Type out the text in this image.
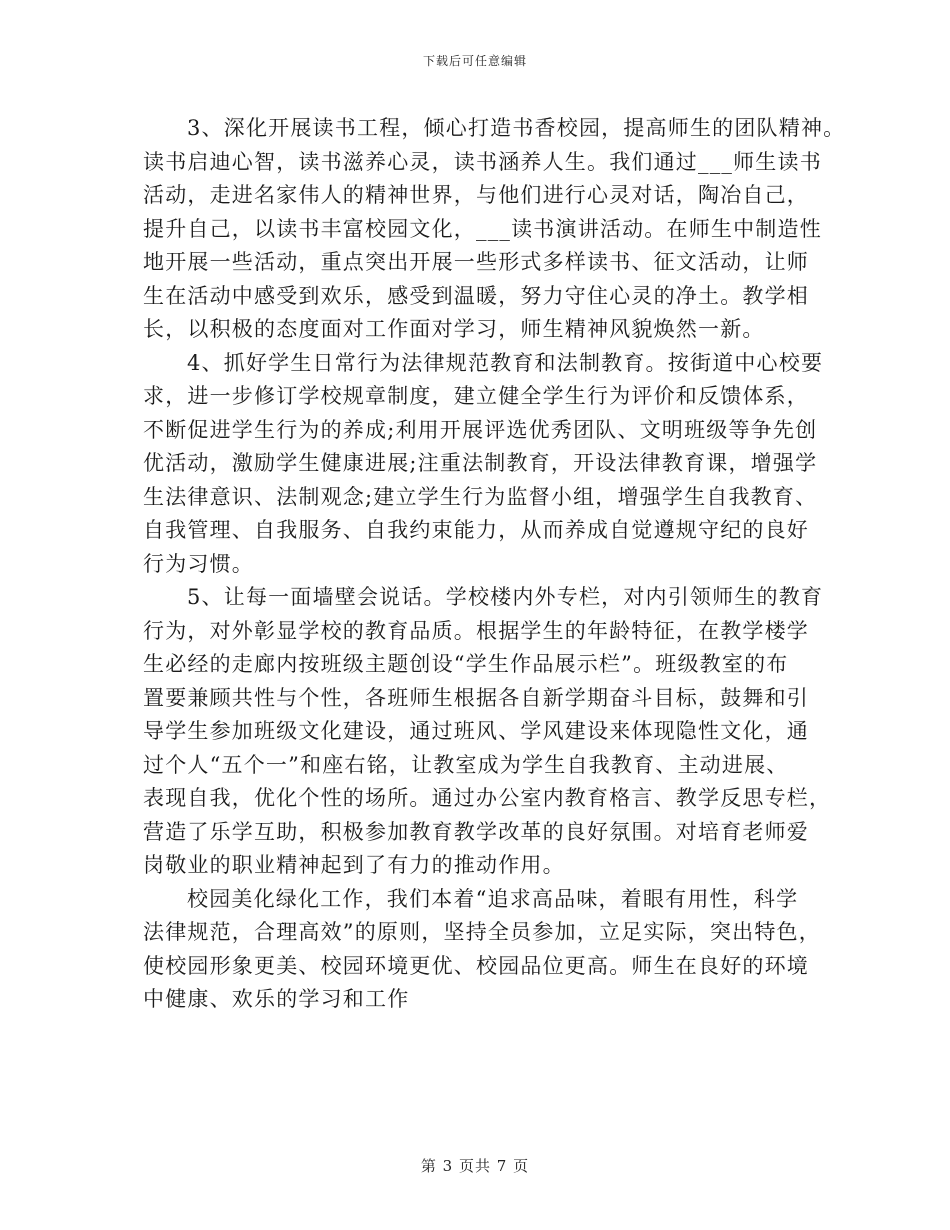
下载后可任意编辑
3、深化开展读书工程，倾心打造书香校园，提高师生的团队精神。
读书启迪心智，读书滋养心灵，读书涵养人生。我们通过___师生读书
活动，走进名家伟人的精神世界，与他们进行心灵对话，陶冶自己，
提升自己，以读书丰富校园文化，___读书演讲活动。在师生中制造性
地开展一些活动，重点突出开展一些形式多样读书、征文活动，让师
生在活动中感受到欢乐，感受到温暖，努力守住心灵的净土。教学相
长，以积极的态度面对工作面对学习，师生精神风貌焕然一新。
4、抓好学生日常行为法律规范教育和法制教育。按街道中心校要
求，进一步修订学校规章制度，建立健全学生行为评价和反馈体系，
不断促进学生行为的养成;利用开展评选优秀团队、文明班级等争先创
优活动，激励学生健康进展;注重法制教育，开设法律教育课，增强学
生法律意识、法制观念;建立学生行为监督小组，增强学生自我教育、
自我管理、自我服务、自我约束能力，从而养成自觉遵规守纪的良好
行为习惯。
5、让每一面墙壁会说话。学校楼内外专栏，对内引领师生的教育
行为，对外彰显学校的教育品质。根据学生的年龄特征，在教学楼学
生必经的走廊内按班级主题创设“学生作品展示栏”。班级教室的布
置要兼顾共性与个性，各班师生根据各自新学期奋斗目标，鼓舞和引
导学生参加班级文化建设，通过班风、学风建设来体现隐性文化，通
过个人“五个一”和座右铭，让教室成为学生自我教育、主动进展、
表现自我，优化个性的场所。通过办公室内教育格言、教学反思专栏，
营造了乐学互助，积极参加教育教学改革的良好氛围。对培育老师爱
岗敬业的职业精神起到了有力的推动作用。
校园美化绿化工作，我们本着“追求高品味，着眼有用性，科学
法律规范，合理高效”的原则，坚持全员参加，立足实际，突出特色，
使校园形象更美、校园环境更优、校园品位更高。师生在良好的环境
中健康、欢乐的学习和工作
第 3 页共 7 页
